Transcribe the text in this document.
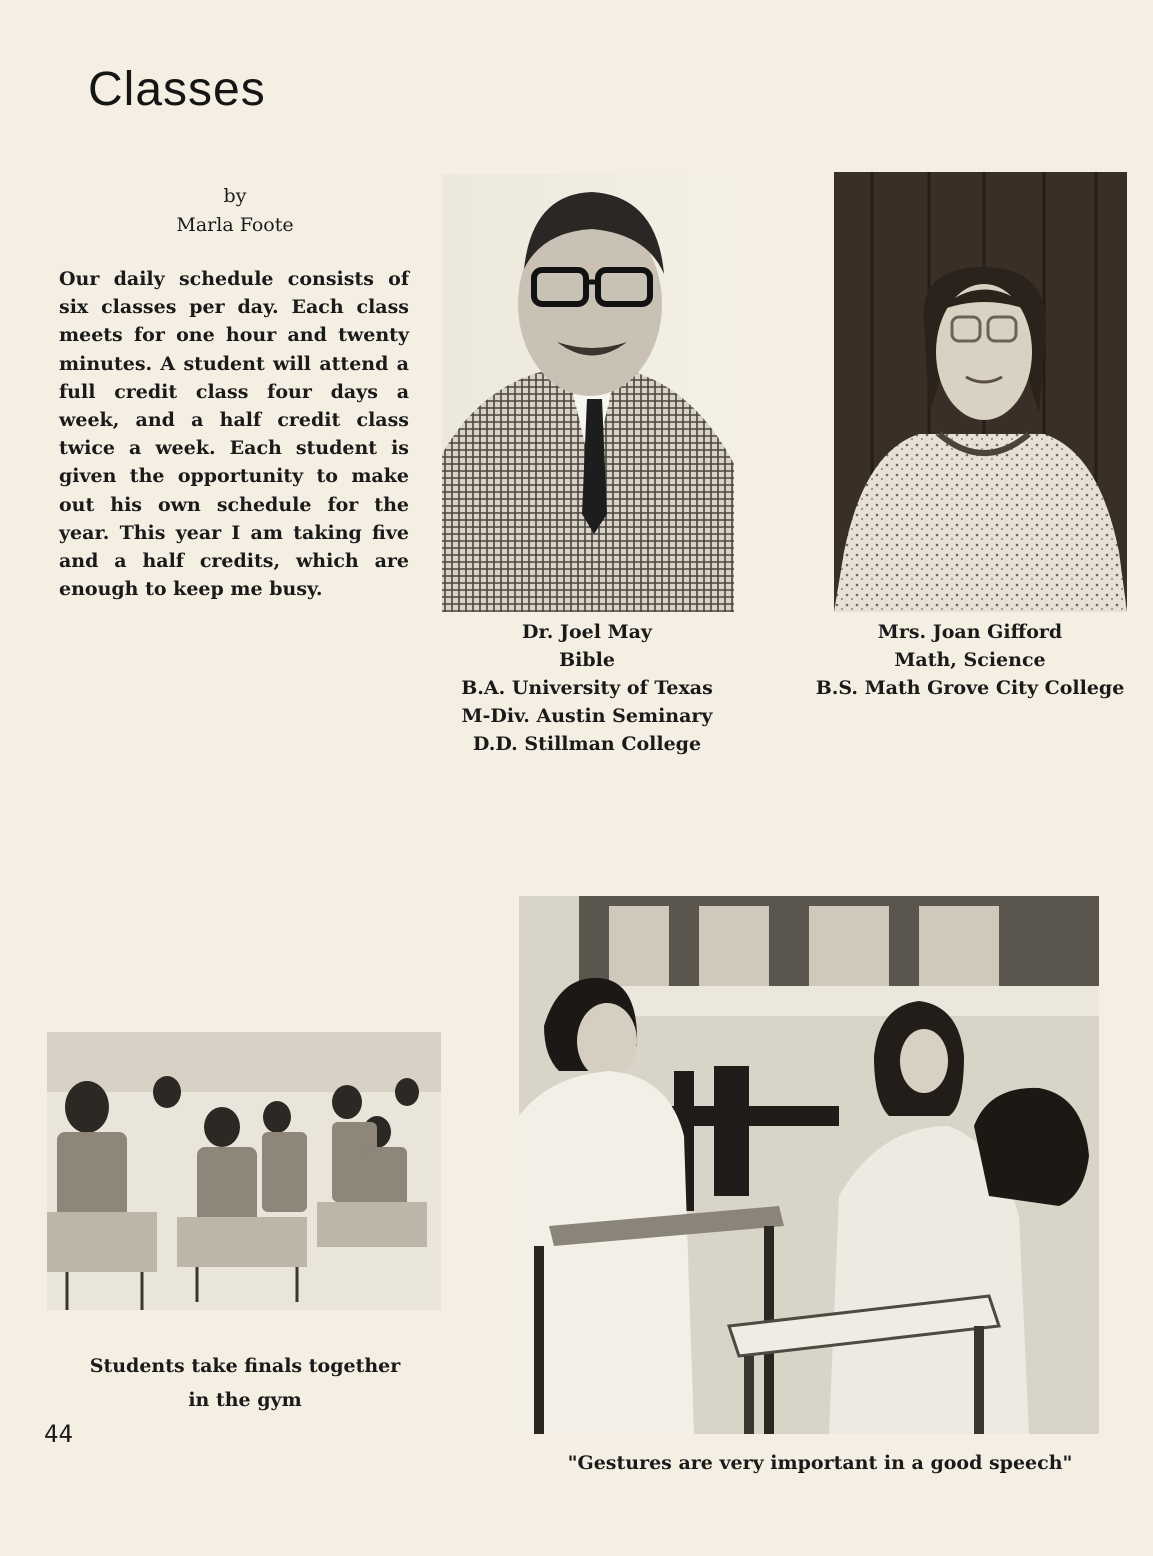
Classes
by
Marla Foote
Our daily schedule consists of six classes per day. Each class meets for one hour and twenty minutes. A student will attend a full credit class four days a week, and a half credit class twice a week. Each student is given the opportunity to make out his own schedule for the year. This year I am taking five and a half credits, which are enough to keep me busy.
Dr. Joel May
Bible
B.A. University of Texas
M-Div. Austin Seminary
D.D. Stillman College
Mrs. Joan Gifford
Math, Science
B.S. Math Grove City College
Students take finals together
in the gym
"Gestures are very important in a good speech"
44
